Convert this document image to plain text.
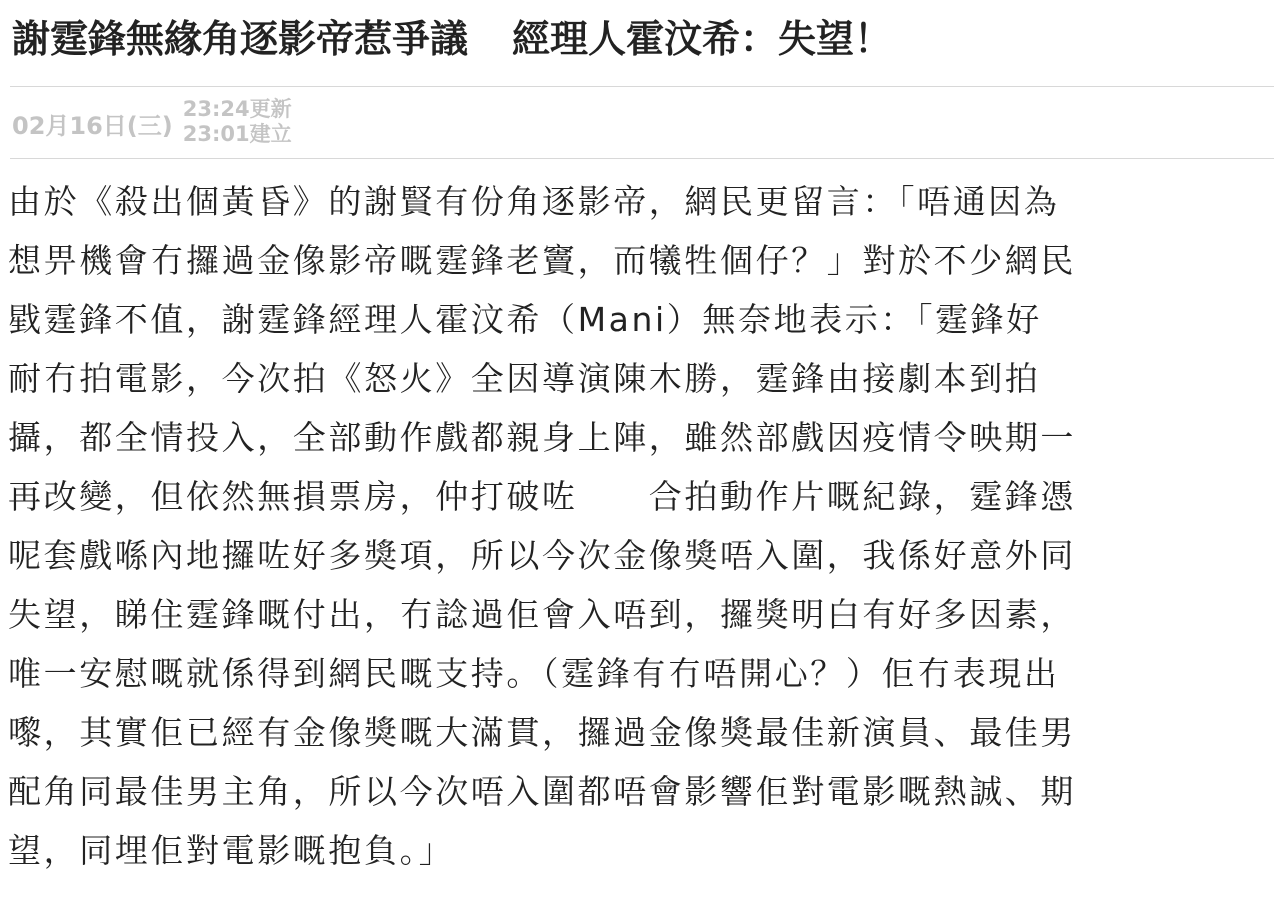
謝霆鋒無緣角逐影帝惹爭議 經理人霍汶希：失望！
02月16日(三)
23:24更新
23:01建立
由於《殺出個黃昏》的謝賢有份角逐影帝，網民更留言：「唔通因為
想畀機會冇攞過金像影帝嘅霆鋒老竇，而犧牲個仔？」對於不少網民
戥霆鋒不值，謝霆鋒經理人霍汶希（Mani）無奈地表示：「霆鋒好
耐冇拍電影，今次拍《怒火》全因導演陳木勝，霆鋒由接劇本到拍
攝，都全情投入，全部動作戲都親身上陣，雖然部戲因疫情令映期一
再改變，但依然無損票房，仲打破咗　　合拍動作片嘅紀錄，霆鋒憑
呢套戲喺內地攞咗好多獎項，所以今次金像獎唔入圍，我係好意外同
失望，睇住霆鋒嘅付出，冇諗過佢會入唔到，攞獎明白有好多因素，
唯一安慰嘅就係得到網民嘅支持。（霆鋒有冇唔開心？）佢冇表現出
嚟，其實佢已經有金像獎嘅大滿貫，攞過金像獎最佳新演員、最佳男
配角同最佳男主角，所以今次唔入圍都唔會影響佢對電影嘅熱誠、期
望，同埋佢對電影嘅抱負。」
